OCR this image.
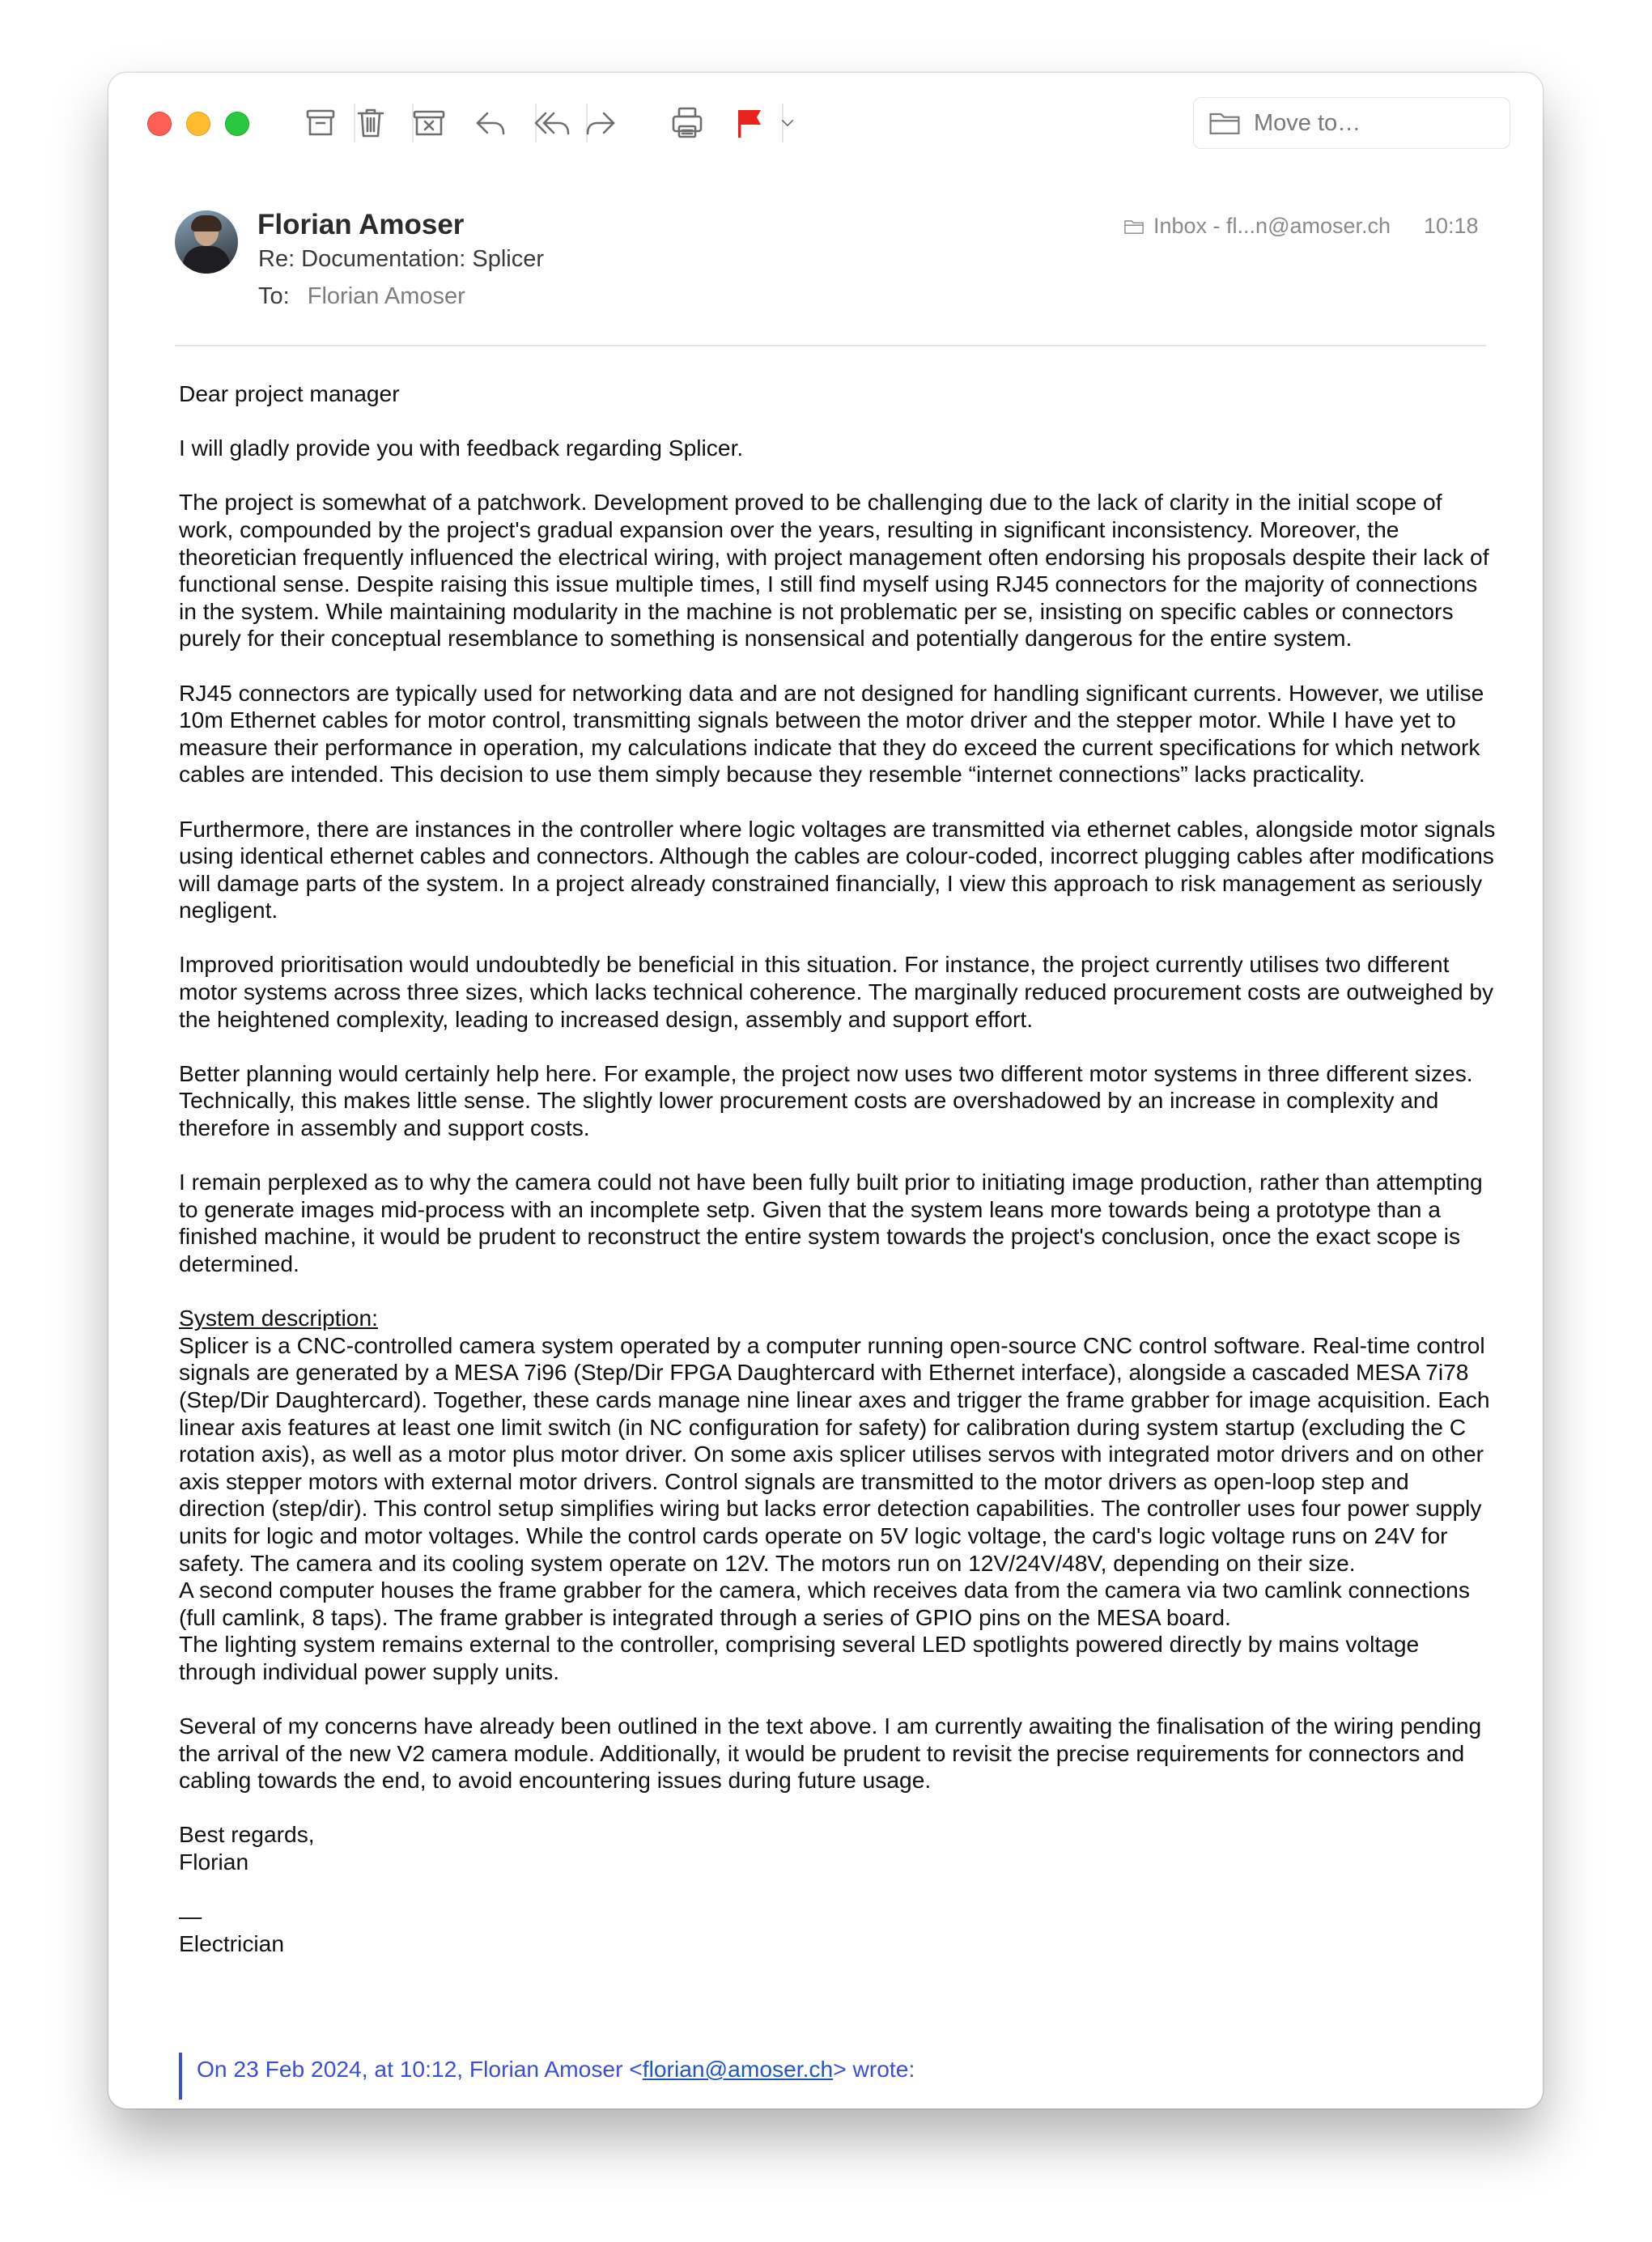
Move to…
Florian Amoser
Re: Documentation: Splicer
To: Florian Amoser
Inbox - fl...n@amoser.ch 10:18

Dear project manager

I will gladly provide you with feedback regarding Splicer.

The project is somewhat of a patchwork. Development proved to be challenging due to the lack of clarity in the initial scope of work, compounded by the project's gradual expansion over the years, resulting in significant inconsistency. Moreover, the theoretician frequently influenced the electrical wiring, with project management often endorsing his proposals despite their lack of functional sense. Despite raising this issue multiple times, I still find myself using RJ45 connectors for the majority of connections in the system. While maintaining modularity in the machine is not problematic per se, insisting on specific cables or connectors purely for their conceptual resemblance to something is nonsensical and potentially dangerous for the entire system.

RJ45 connectors are typically used for networking data and are not designed for handling significant currents. However, we utilise 10m Ethernet cables for motor control, transmitting signals between the motor driver and the stepper motor. While I have yet to measure their performance in operation, my calculations indicate that they do exceed the current specifications for which network cables are intended. This decision to use them simply because they resemble “internet connections” lacks practicality.

Furthermore, there are instances in the controller where logic voltages are transmitted via ethernet cables, alongside motor signals using identical ethernet cables and connectors. Although the cables are colour-coded, incorrect plugging cables after modifications will damage parts of the system. In a project already constrained financially, I view this approach to risk management as seriously negligent.

Improved prioritisation would undoubtedly be beneficial in this situation. For instance, the project currently utilises two different motor systems across three sizes, which lacks technical coherence. The marginally reduced procurement costs are outweighed by the heightened complexity, leading to increased design, assembly and support effort.

Better planning would certainly help here. For example, the project now uses two different motor systems in three different sizes. Technically, this makes little sense. The slightly lower procurement costs are overshadowed by an increase in complexity and therefore in assembly and support costs.

I remain perplexed as to why the camera could not have been fully built prior to initiating image production, rather than attempting to generate images mid-process with an incomplete setp. Given that the system leans more towards being a prototype than a finished machine, it would be prudent to reconstruct the entire system towards the project's conclusion, once the exact scope is determined.

System description:
Splicer is a CNC-controlled camera system operated by a computer running open-source CNC control software. Real-time control signals are generated by a MESA 7i96 (Step/Dir FPGA Daughtercard with Ethernet interface), alongside a cascaded MESA 7i78 (Step/Dir Daughtercard). Together, these cards manage nine linear axes and trigger the frame grabber for image acquisition. Each linear axis features at least one limit switch (in NC configuration for safety) for calibration during system startup (excluding the C rotation axis), as well as a motor plus motor driver. On some axis splicer utilises servos with integrated motor drivers and on other axis stepper motors with external motor drivers. Control signals are transmitted to the motor drivers as open-loop step and direction (step/dir). This control setup simplifies wiring but lacks error detection capabilities. The controller uses four power supply units for logic and motor voltages. While the control cards operate on 5V logic voltage, the card's logic voltage runs on 24V for safety. The camera and its cooling system operate on 12V. The motors run on 12V/24V/48V, depending on their size.
A second computer houses the frame grabber for the camera, which receives data from the camera via two camlink connections (full camlink, 8 taps). The frame grabber is integrated through a series of GPIO pins on the MESA board.
The lighting system remains external to the controller, comprising several LED spotlights powered directly by mains voltage through individual power supply units.

Several of my concerns have already been outlined in the text above. I am currently awaiting the finalisation of the wiring pending the arrival of the new V2 camera module. Additionally, it would be prudent to revisit the precise requirements for connectors and cabling towards the end, to avoid encountering issues during future usage.

Best regards,
Florian

—
Electrician

On 23 Feb 2024, at 10:12, Florian Amoser <florian@amoser.ch> wrote:
